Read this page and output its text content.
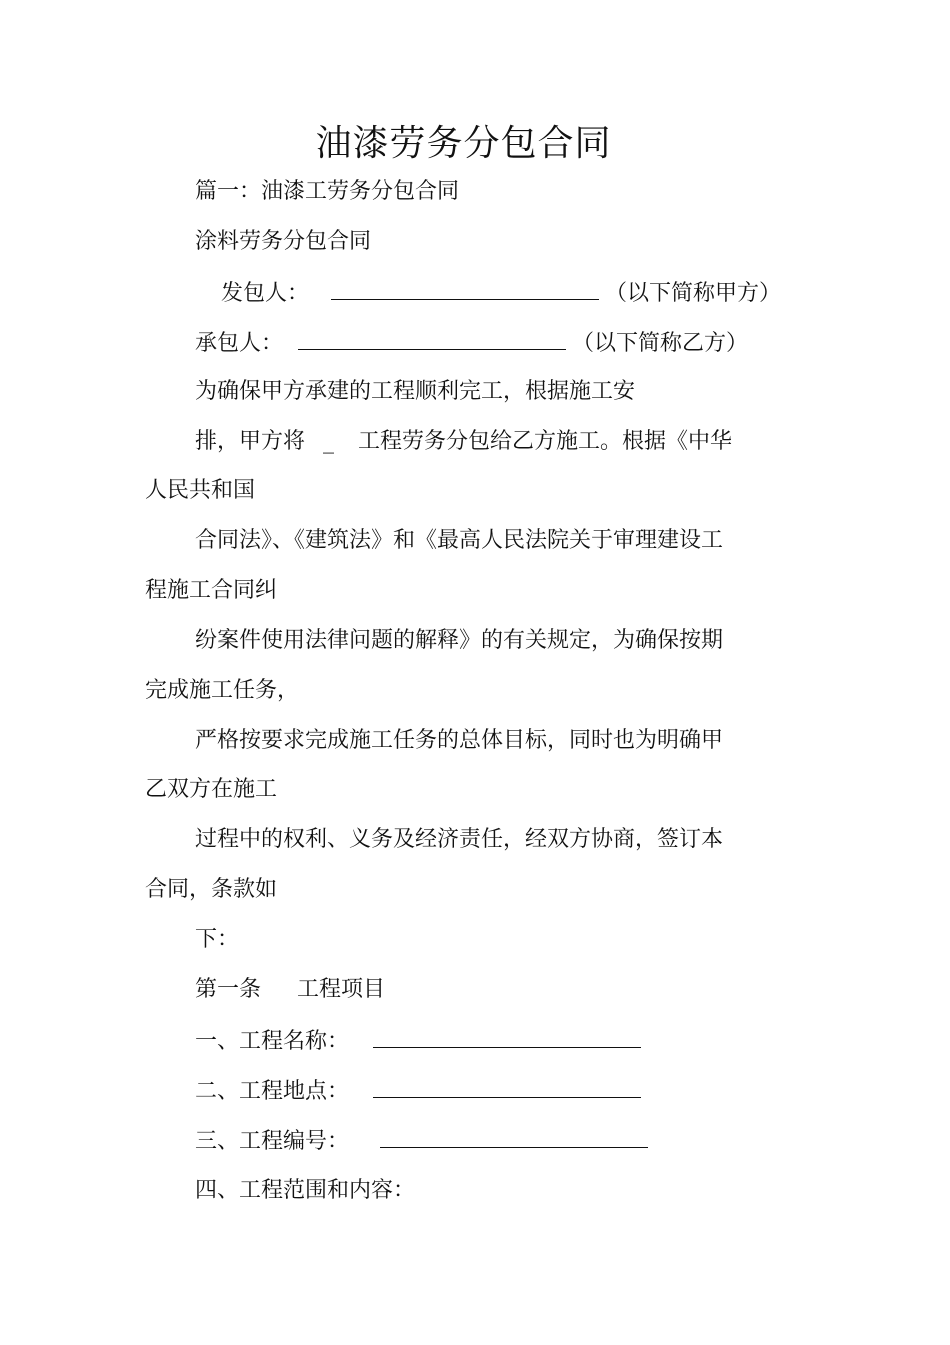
油漆劳务分包合同
篇一：油漆工劳务分包合同
涂料劳务分包合同
发包人：	（以下简称甲方）
承包人：	（以下简称乙方）
为确保甲方承建的工程顺利完工，根据施工安
排，甲方将 _ 工程劳务分包给乙方施工。根据《中华
人民共和国
合同法》、《建筑法》和《最高人民法院关于审理建设工
程施工合同纠
纷案件使用法律问题的解释》的有关规定，为确保按期
完成施工任务，
严格按要求完成施工任务的总体目标，同时也为明确甲
乙双方在施工
过程中的权利、义务及经济责任，经双方协商，签订本
合同，条款如
下：
第一条 工程项目
一、工程名称：
二、工程地点：
三、工程编号：
四、工程范围和内容：
